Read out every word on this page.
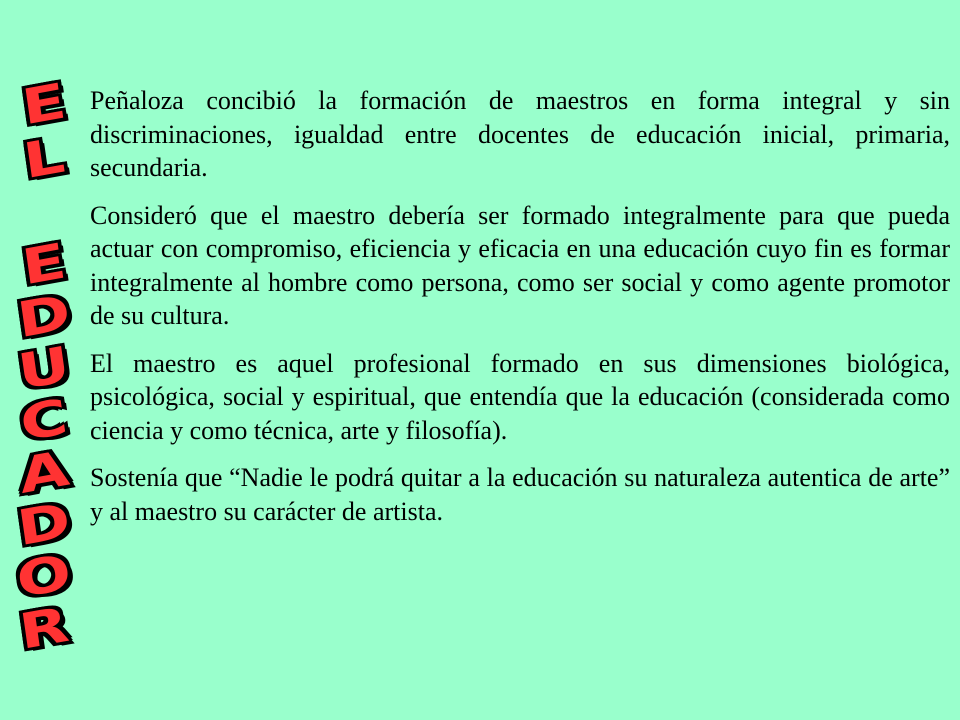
E
L
E
D
U
C
A
D
O
R

Peñaloza concibió la formación de maestros en forma integral y sin discriminaciones, igualdad entre docentes de educación inicial, primaria, secundaria.

Consideró que el maestro debería ser formado integralmente para que pueda actuar con compromiso, eficiencia y eficacia en una educación cuyo fin es formar integralmente al hombre como persona, como ser social y como agente promotor de su cultura.

El maestro es aquel profesional formado en sus dimensiones biológica, psicológica, social y espiritual, que entendía que la educación (considerada como ciencia y como técnica, arte y filosofía).

Sostenía que “Nadie le podrá quitar a la educación su naturaleza autentica de arte” y al maestro su carácter de artista.
